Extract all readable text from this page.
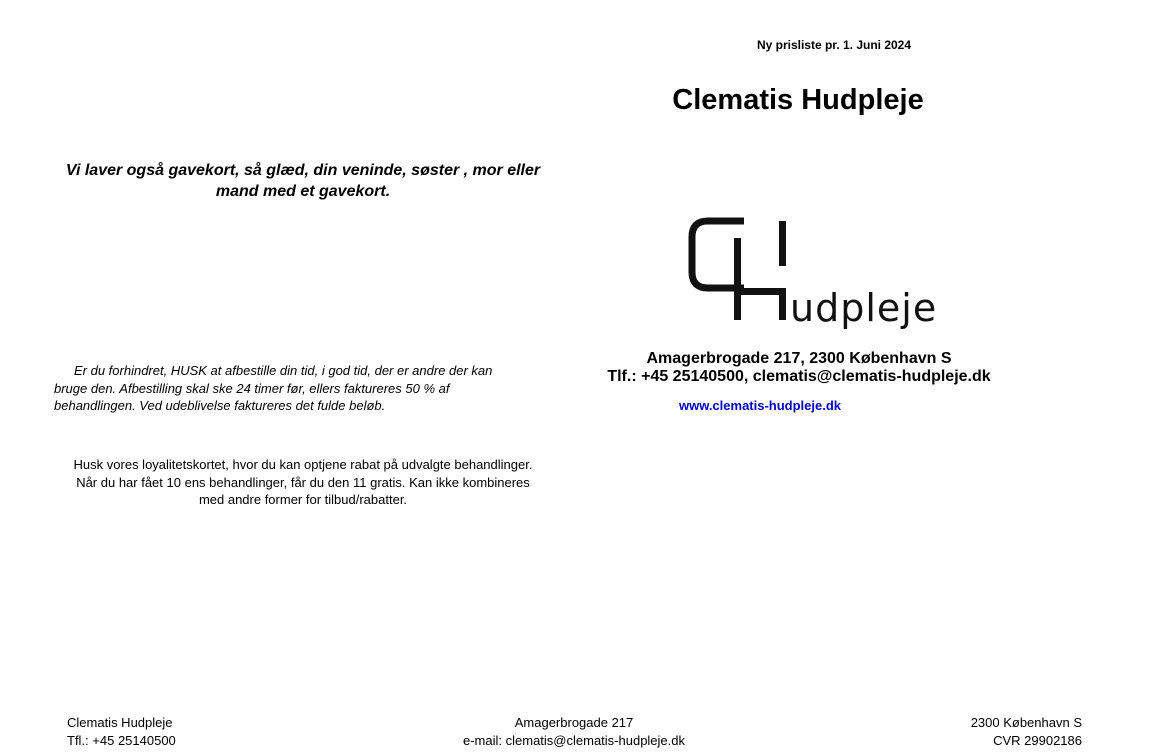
Ny prisliste pr. 1. Juni 2024
Clematis Hudpleje
Vi laver også gavekort, så glæd, din veninde, søster , mor eller
mand med et gavekort.
udpleje
Amagerbrogade 217, 2300 København S
Tlf.: +45 25140500, clematis@clematis-hudpleje.dk
www.clematis-hudpleje.dk
Er du forhindret, HUSK at afbestille din tid, i god tid, der er andre der kan bruge den. Afbestilling skal ske 24 timer før, ellers faktureres 50 % af behandlingen. Ved udeblivelse faktureres det fulde beløb.
Husk vores loyalitetskortet, hvor du kan optjene rabat på udvalgte behandlinger.
Når du har fået 10 ens behandlinger, får du den 11 gratis. Kan ikke kombineres
med andre former for tilbud/rabatter.
Clematis Hudpleje
Tfl.: +45 25140500
Amagerbrogade 217
e-mail: clematis@clematis-hudpleje.dk
2300 København S
CVR 29902186
